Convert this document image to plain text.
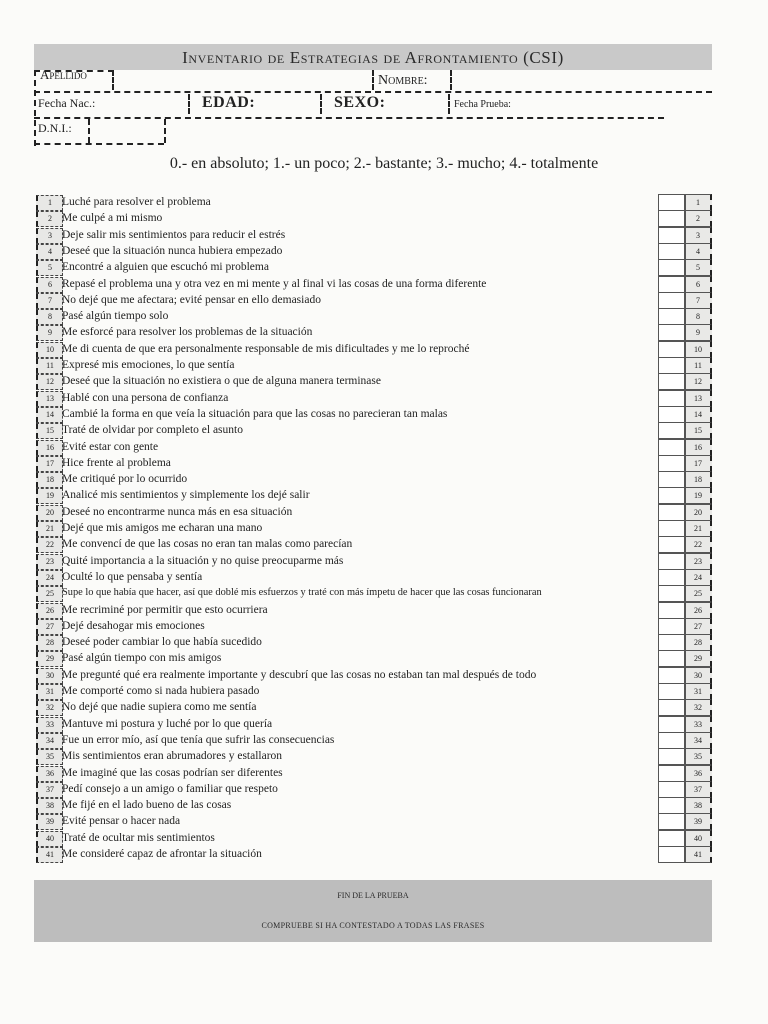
Inventario de Estrategias de Afrontamiento (CSI)
Apellido	Nombre:
Fecha Nac.:	EDAD:	SEXO:	Fecha Prueba:
D.N.I.:
0.- en absoluto; 1.- un poco; 2.- bastante; 3.- mucho; 4.- totalmente
1 Luché para resolver el problema	1
2 Me culpé a mi mismo	2
3 Deje salir mis sentimientos para reducir el estrés	3
4 Deseé que la situación nunca hubiera empezado	4
5 Encontré a alguien que escuchó mi problema	5
6 Repasé el problema una y otra vez en mi mente y al final vi las cosas de una forma diferente	6
7 No dejé que me afectara; evité pensar en ello demasiado	7
8 Pasé algún tiempo solo	8
9 Me esforcé para resolver los problemas de la situación	9
10 Me di cuenta de que era personalmente responsable de mis dificultades y me lo reproché	10
11 Expresé mis emociones, lo que sentía	11
12 Deseé que la situación no existiera o que de alguna manera terminase	12
13 Hablé con una persona de confianza	13
14 Cambié la forma en que veía la situación para que las cosas no parecieran tan malas	14
15 Traté de olvidar por completo el asunto	15
16 Evité estar con gente	16
17 Hice frente al problema	17
18 Me critiqué por lo ocurrido	18
19 Analicé mis sentimientos y simplemente los dejé salir	19
20 Deseé no encontrarme nunca más en esa situación	20
21 Dejé que mis amigos me echaran una mano	21
22 Me convencí de que las cosas no eran tan malas como parecían	22
23 Quité importancia a la situación y no quise preocuparme más	23
24 Oculté lo que pensaba y sentía	24
25 Supe lo que había que hacer, así que doblé mis esfuerzos y traté con más ímpetu de hacer que las cosas funcionaran	25
26 Me recriminé por permitir que esto ocurriera	26
27 Dejé desahogar mis emociones	27
28 Deseé poder cambiar lo que había sucedido	28
29 Pasé algún tiempo con mis amigos	29
30 Me pregunté qué era realmente importante y descubrí que las cosas no estaban tan mal después de todo	30
31 Me comporté como si nada hubiera pasado	31
32 No dejé que nadie supiera como me sentía	32
33 Mantuve mi postura y luché por lo que quería	33
34 Fue un error mío, así que tenía que sufrir las consecuencias	34
35 Mis sentimientos eran abrumadores y estallaron	35
36 Me imaginé que las cosas podrían ser diferentes	36
37 Pedí consejo a un amigo o familiar que respeto	37
38 Me fijé en el lado bueno de las cosas	38
39 Evité pensar o hacer nada	39
40 Traté de ocultar mis sentimientos	40
41 Me consideré capaz de afrontar la situación	41
FIN DE LA PRUEBA
COMPRUEBE SI HA CONTESTADO A TODAS LAS FRASES
